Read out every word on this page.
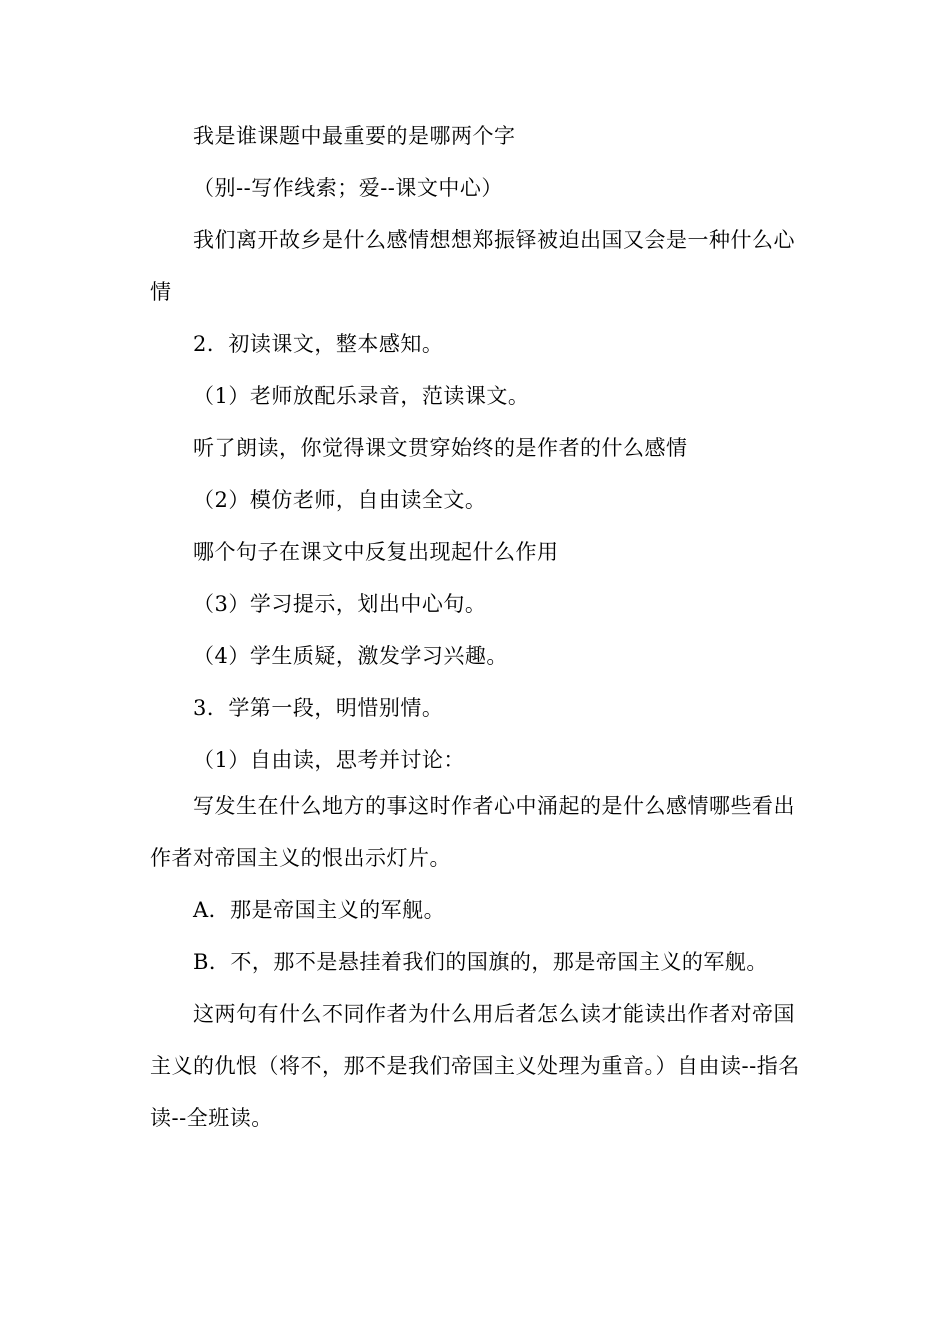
我是谁课题中最重要的是哪两个字

（别--写作线索；爱--课文中心）

我们离开故乡是什么感情想想郑振铎被迫出国又会是一种什么心情

2．初读课文，整本感知。

（1）老师放配乐录音，范读课文。

听了朗读，你觉得课文贯穿始终的是作者的什么感情

（2）模仿老师，自由读全文。

哪个句子在课文中反复出现起什么作用

（3）学习提示，划出中心句。

（4）学生质疑，激发学习兴趣。

3．学第一段，明惜别情。

（1）自由读，思考并讨论：

写发生在什么地方的事这时作者心中涌起的是什么感情哪些看出作者对帝国主义的恨出示灯片。

A．那是帝国主义的军舰。

B．不，那不是悬挂着我们的国旗的，那是帝国主义的军舰。

这两句有什么不同作者为什么用后者怎么读才能读出作者对帝国主义的仇恨（将不，那不是我们帝国主义处理为重音。）自由读--指名读--全班读。
